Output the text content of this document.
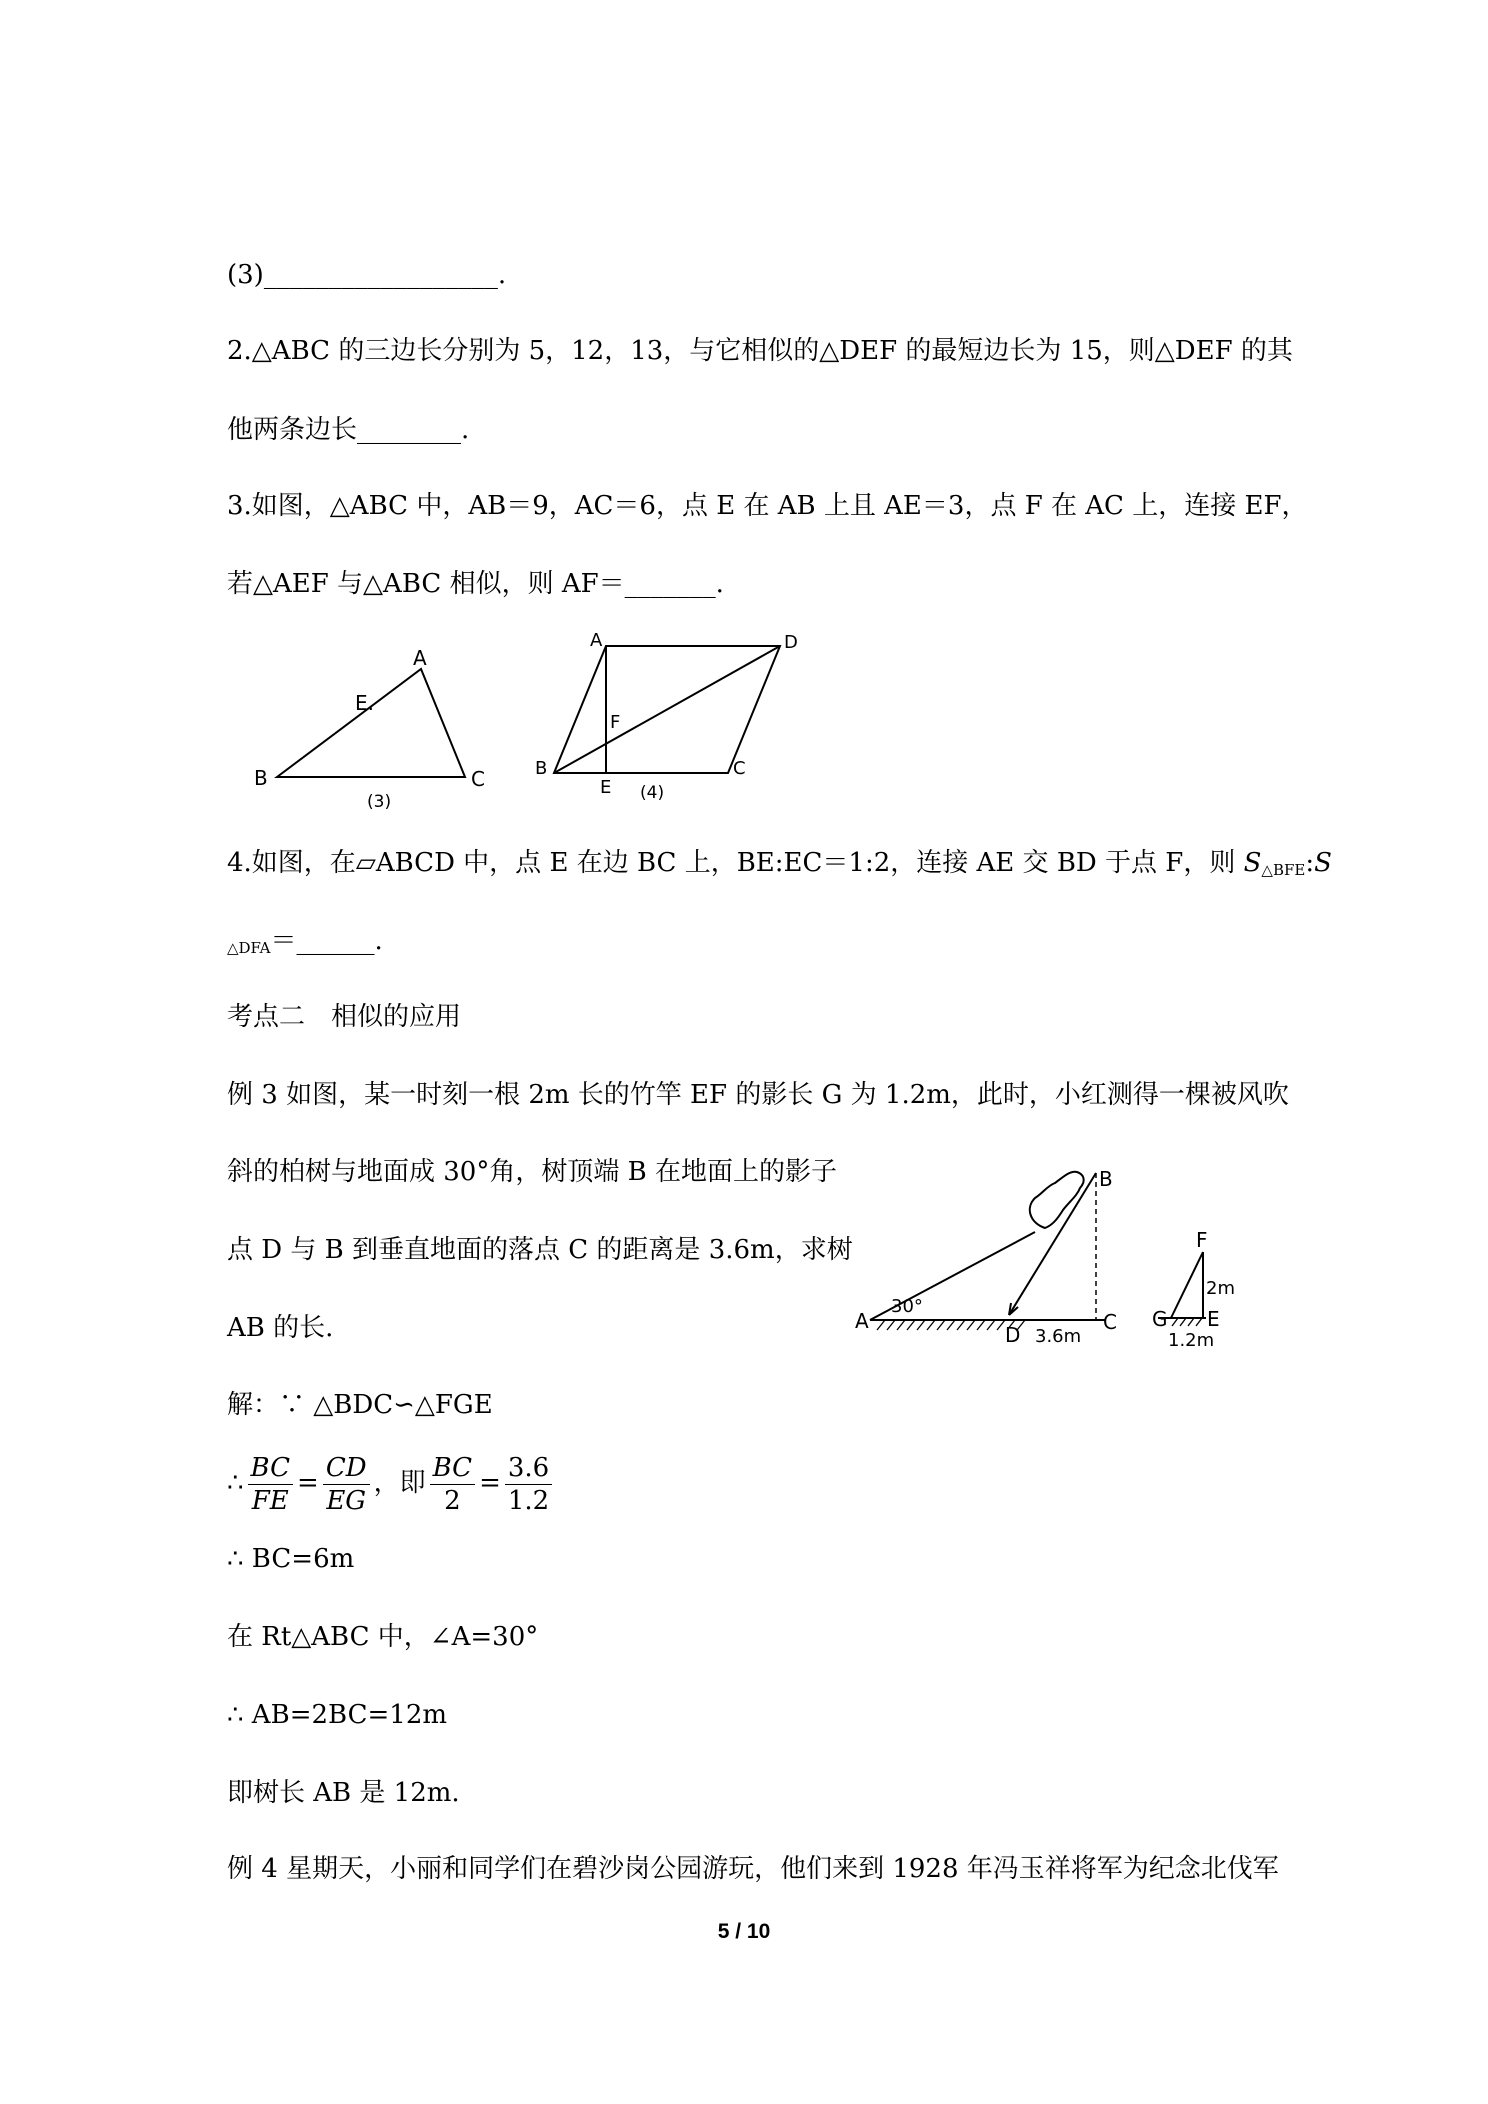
(3)__________________.
2.△ABC 的三边长分别为 5，12，13，与它相似的△DEF 的最短边长为 15，则△DEF 的其
他两条边长________.
3.如图，△ABC 中，AB＝9，AC＝6，点 E 在 AB 上且 AE＝3，点 F 在 AC 上，连接 EF，
若△AEF 与△ABC 相似，则 AF＝_______.
A
B	C
E.
(3)
A	D
B	C
E
F
(4)
4.如图，在▱ABCD 中，点 E 在边 BC 上，BE:EC＝1:2，连接 AE 交 BD 于点 F，则 $S_{\triangle BFE}:S$
$_{\triangle DFA}$＝______.
考点二　相似的应用
例 3 如图，某一时刻一根 2m 长的竹竿 EF 的影长 G 为 1.2m，此时，小红测得一棵被风吹
斜的柏树与地面成 30°角，树顶端 B 在地面上的影子
点 D 与 B 到垂直地面的落点 C 的距离是 3.6m，求树
AB 的长.
B
A	C
D
30°
3.6m
F
2m
G E
1.2m
解：∵ △BDC∽△FGE
∴ $\frac{BC}{FE} = \frac{CD}{EG}$ ，即 $\frac{BC}{2} = \frac{3.6}{1.2}$
∴ BC=6m
在 Rt△ABC 中，∠A=30°
∴ AB=2BC=12m
即树长 AB 是 12m.
例 4 星期天，小丽和同学们在碧沙岗公园游玩，他们来到 1928 年冯玉祥将军为纪念北伐军
5 / 10
